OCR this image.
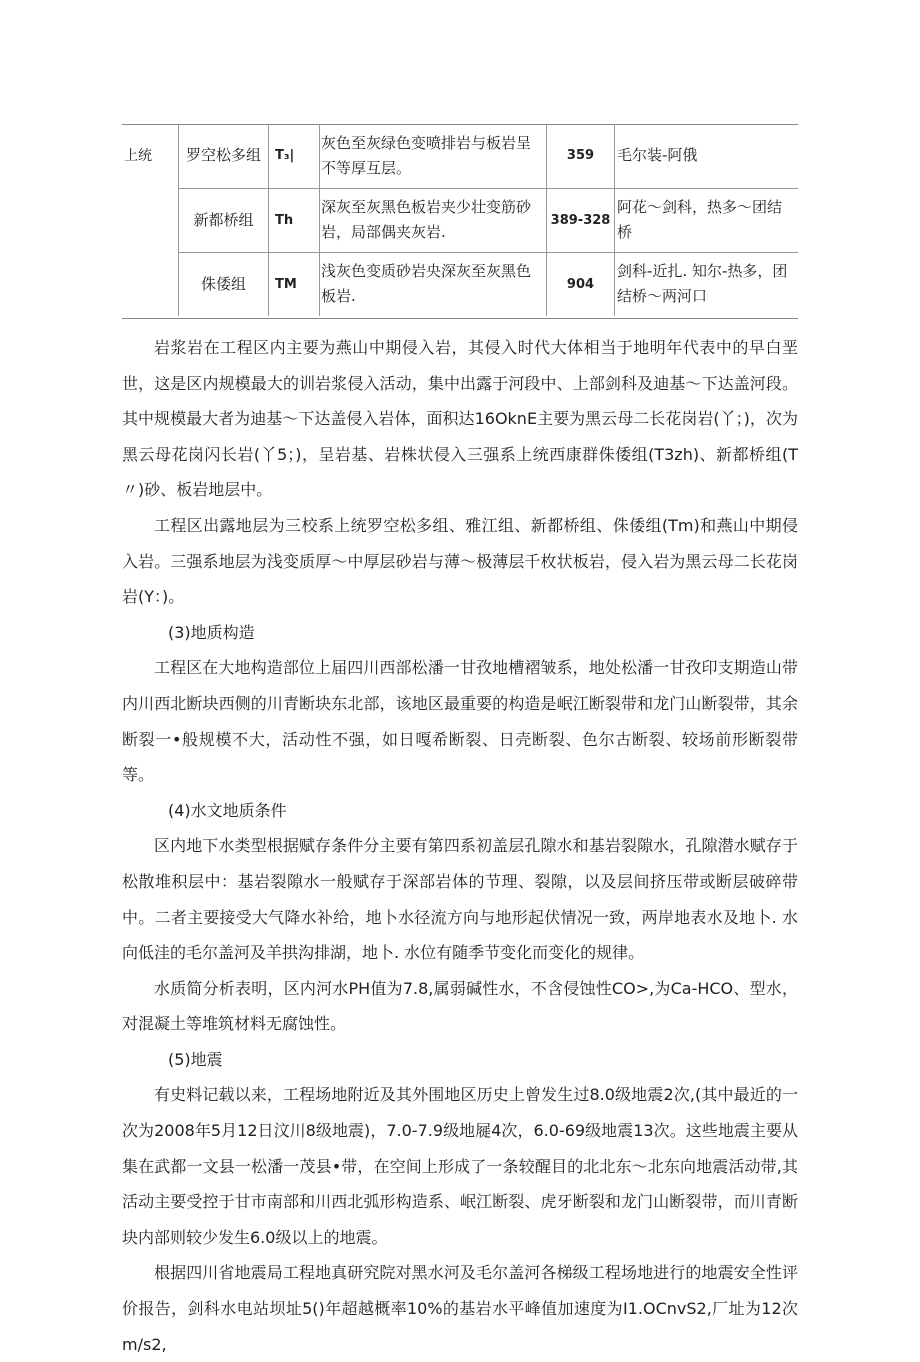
上统	罗空松多组	T₃|	灰色至灰绿色变喷排岩与板岩呈不等厚互层。	359	毛尔装-阿俄
	新都桥组	Th	深灰至灰黑色板岩夹少壮变筋砂岩，局部偶夹灰岩.	389-328	阿花～剑科，热多～团结桥
	侏倭组	TM	浅灰色变质砂岩央深灰至灰黑色板岩.	904	剑科-近扎. 知尔-热多，团结桥～两河口

岩浆岩在工程区内主要为燕山中期侵入岩，其侵入时代大体相当于地明年代表中的早白垩世，这是区内规模最大的训岩浆侵入活动，集中出露于河段中、上部剑科及迪基～下达盖河段。其中规模最大者为迪基～下达盖侵入岩体，面积达16OknE主要为黑云母二长花岗岩(丫；)，次为黑云母花岗闪长岩(丫5；)，呈岩基、岩株状侵入三强系上统西康群侏倭组(T3zh)、新都桥组(T〃)砂、板岩地层中。

工程区出露地层为三校系上统罗空松多组、雅江组、新都桥组、侏倭组(Tm)和燕山中期侵入岩。三强系地层为浅变质厚～中厚层砂岩与薄～极薄层千枚状板岩，侵入岩为黑云母二长花岗岩(Y：)。

(3)地质构造

工程区在大地构造部位上届四川西部松潘一甘孜地槽褶皱系，地处松潘一甘孜印支期造山带内川西北断块西侧的川青断块东北部，该地区最重要的构造是岷江断裂带和龙门山断裂带，其余断裂一•般规模不大，活动性不强，如日嘎希断裂、日壳断裂、色尔古断裂、较场前形断裂带等。

(4)水文地质条件

区内地下水类型根据赋存条件分主要有第四系初盖层孔隙水和基岩裂隙水，孔隙潜水赋存于松散堆积层中：基岩裂隙水一般赋存于深部岩体的节理、裂隙，以及层间挤压带或断层破碎带中。二者主要接受大气降水补给，地卜水径流方向与地形起伏情况一致，两岸地表水及地卜. 水向低洼的毛尔盖河及羊拱沟排湖，地卜. 水位有随季节变化而变化的规律。

水质简分析表明，区内河水PH值为7.8,属弱碱性水，不含侵蚀性CO>,为Ca-HCO、型水，对混凝土等堆筑材料无腐蚀性。

(5)地震

有史料记载以来，工程场地附近及其外围地区历史上曾发生过8.0级地震2次,(其中最近的一次为2008年5月12日汶川8级地震)，7.0-7.9级地屣4次，6.0-69级地震13次。这些地震主要从集在武都一文县一松潘一茂县•带，在空间上形成了一条较醒目的北北东～北东向地震活动带,其活动主要受控于甘市南部和川西北弧形构造系、岷江断裂、虎牙断裂和龙门山断裂带，而川青断块内部则较少发生6.0级以上的地震。

根据四川省地震局工程地真研究院对黑水河及毛尔盖河各梯级工程场地进行的地震安全性评价报告，剑科水电站坝址5()年超越概率10%的基岩水平峰值加速度为I1.OCnvS2,厂址为12次m/s2,
